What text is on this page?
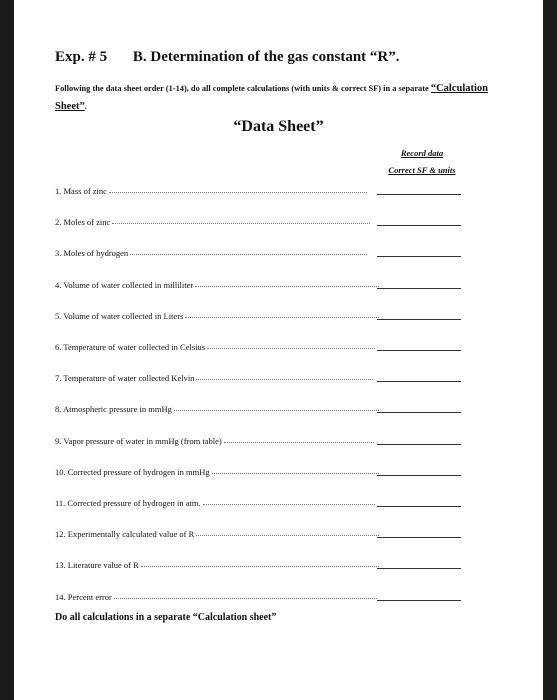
Exp. # 5 B. Determination of the gas constant “R”.
Following the data sheet order (1-14), do all complete calculations (with units & correct SF) in a separate “Calculation Sheet”.
“Data Sheet”
Record data
Correct SF & units
1. Mass of zinc
2. Moles of zinc
3. Moles of hydrogen
4. Volume of water collected in milliliter
5. Volume of water collected in Liters
6. Temperature of water collected in Celsius
7. Temperature of water collected Kelvin
8. Atmospheric pressure in mmHg
9. Vapor pressure of water in mmHg (from table)
10. Corrected pressure of hydrogen in mmHg
11. Corrected pressure of hydrogen in atm.
12. Experimentally calculated value of R
13. Literature value of R
14. Percent error
Do all calculations in a separate “Calculation sheet”
